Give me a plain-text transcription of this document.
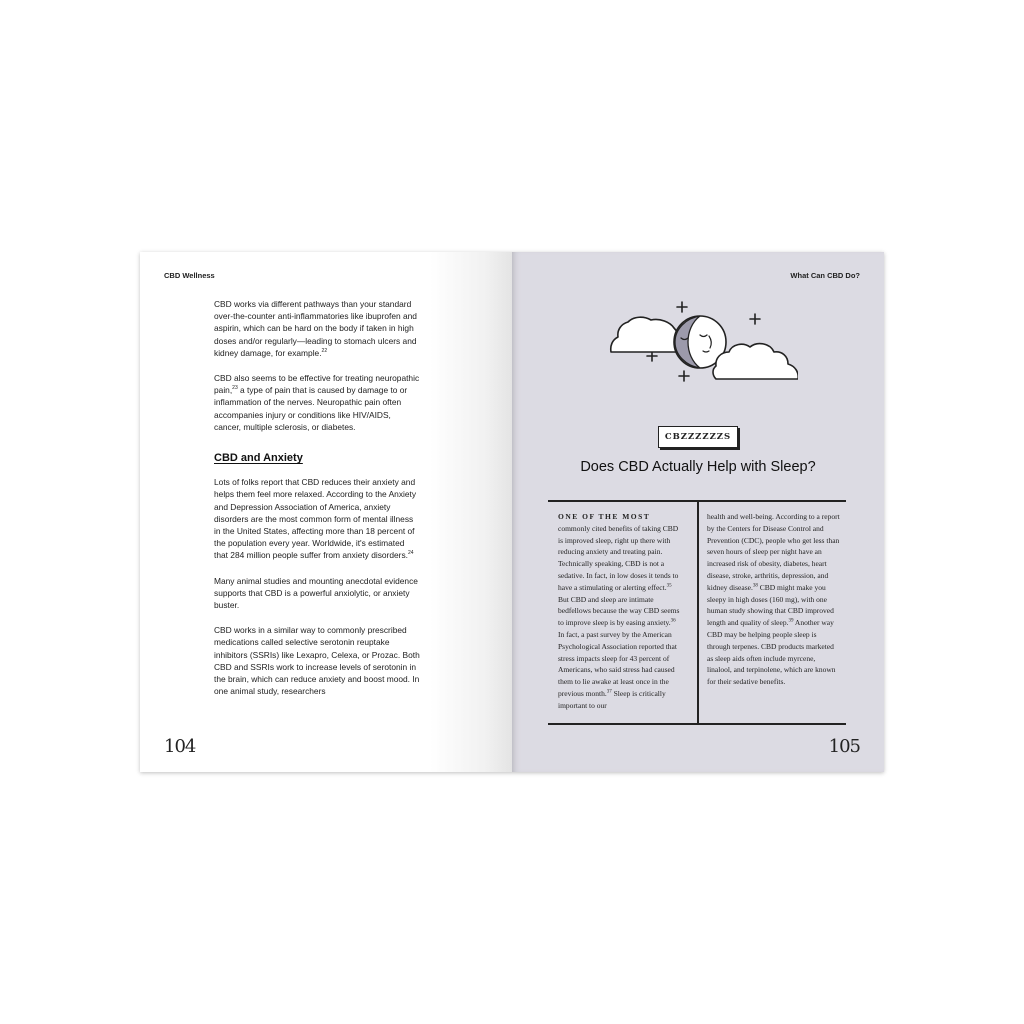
CBD Wellness

CBD works via different pathways than your standard over-the-counter anti-inflammatories like ibuprofen and aspirin, which can be hard on the body if taken in high doses and/or regularly—leading to stomach ulcers and kidney damage, for example.$^{22}$

CBD also seems to be effective for treating neuropathic pain,$^{23}$ a type of pain that is caused by damage to or inflammation of the nerves. Neuropathic pain often accompanies injury or conditions like HIV/AIDS, cancer, multiple sclerosis, or diabetes.

CBD and Anxiety

Lots of folks report that CBD reduces their anxiety and helps them feel more relaxed. According to the Anxiety and Depression Association of America, anxiety disorders are the most common form of mental illness in the United States, affecting more than 18 percent of the population every year. Worldwide, it's estimated that 284 million people suffer from anxiety disorders.$^{24}$

Many animal studies and mounting anecdotal evidence supports that CBD is a powerful anxiolytic, or anxiety buster.

CBD works in a similar way to commonly prescribed medications called selective serotonin reuptake inhibitors (SSRIs) like Lexapro, Celexa, or Prozac. Both CBD and SSRIs work to increase levels of serotonin in the brain, which can reduce anxiety and boost mood. In one animal study, researchers

104
What Can CBD Do?
CBZZZZZZS
Does CBD Actually Help with Sleep?

ONE OF THE MOST commonly cited benefits of taking CBD is improved sleep, right up there with reducing anxiety and treating pain. Technically speaking, CBD is not a sedative. In fact, in low doses it tends to have a stimulating or alerting effect.$^{35}$ But CBD and sleep are intimate bedfellows because the way CBD seems to improve sleep is by easing anxiety.$^{36}$ In fact, a past survey by the American Psychological Association reported that stress impacts sleep for 43 percent of Americans, who said stress had caused them to lie awake at least once in the previous month.$^{37}$ Sleep is critically important to our

health and well-being. According to a report by the Centers for Disease Control and Prevention (CDC), people who get less than seven hours of sleep per night have an increased risk of obesity, diabetes, heart disease, stroke, arthritis, depression, and kidney disease.$^{38}$ CBD might make you sleepy in high doses (160 mg), with one human study showing that CBD improved length and quality of sleep.$^{39}$ Another way CBD may be helping people sleep is through terpenes. CBD products marketed as sleep aids often include myrcene, linalool, and terpinolene, which are known for their sedative benefits.

105
